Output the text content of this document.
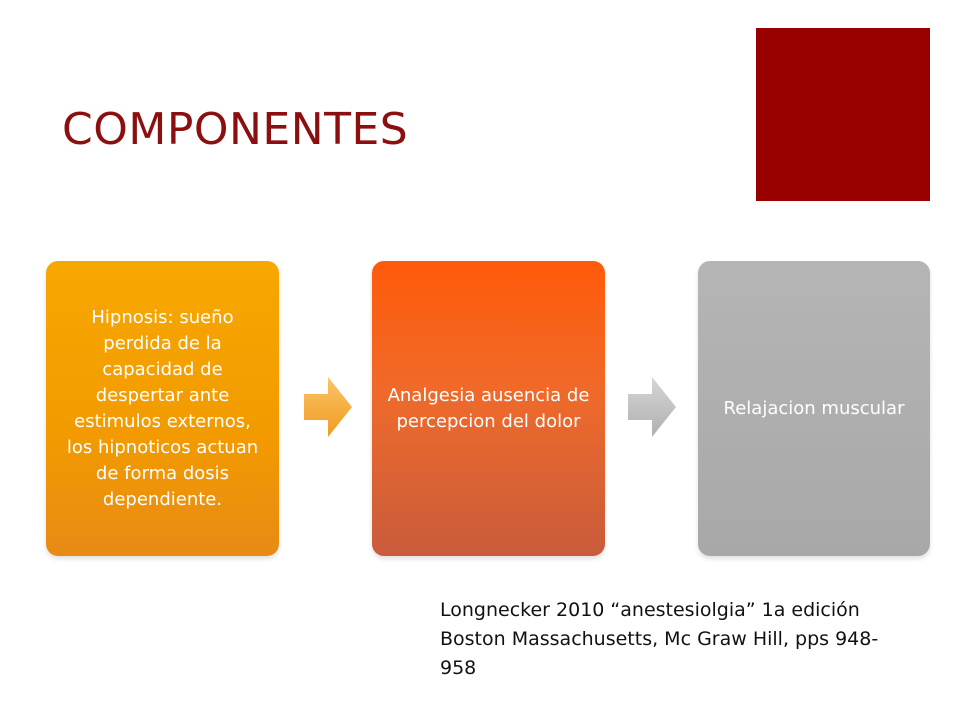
COMPONENTES
Hipnosis: sueño perdida de la capacidad de despertar ante estimulos externos, los hipnoticos actuan de forma dosis dependiente.
Analgesia ausencia de percepcion del dolor
Relajacion muscular

Longnecker 2010 “anestesiolgia” 1a edición Boston Massachusetts, Mc Graw Hill, pps 948-958
